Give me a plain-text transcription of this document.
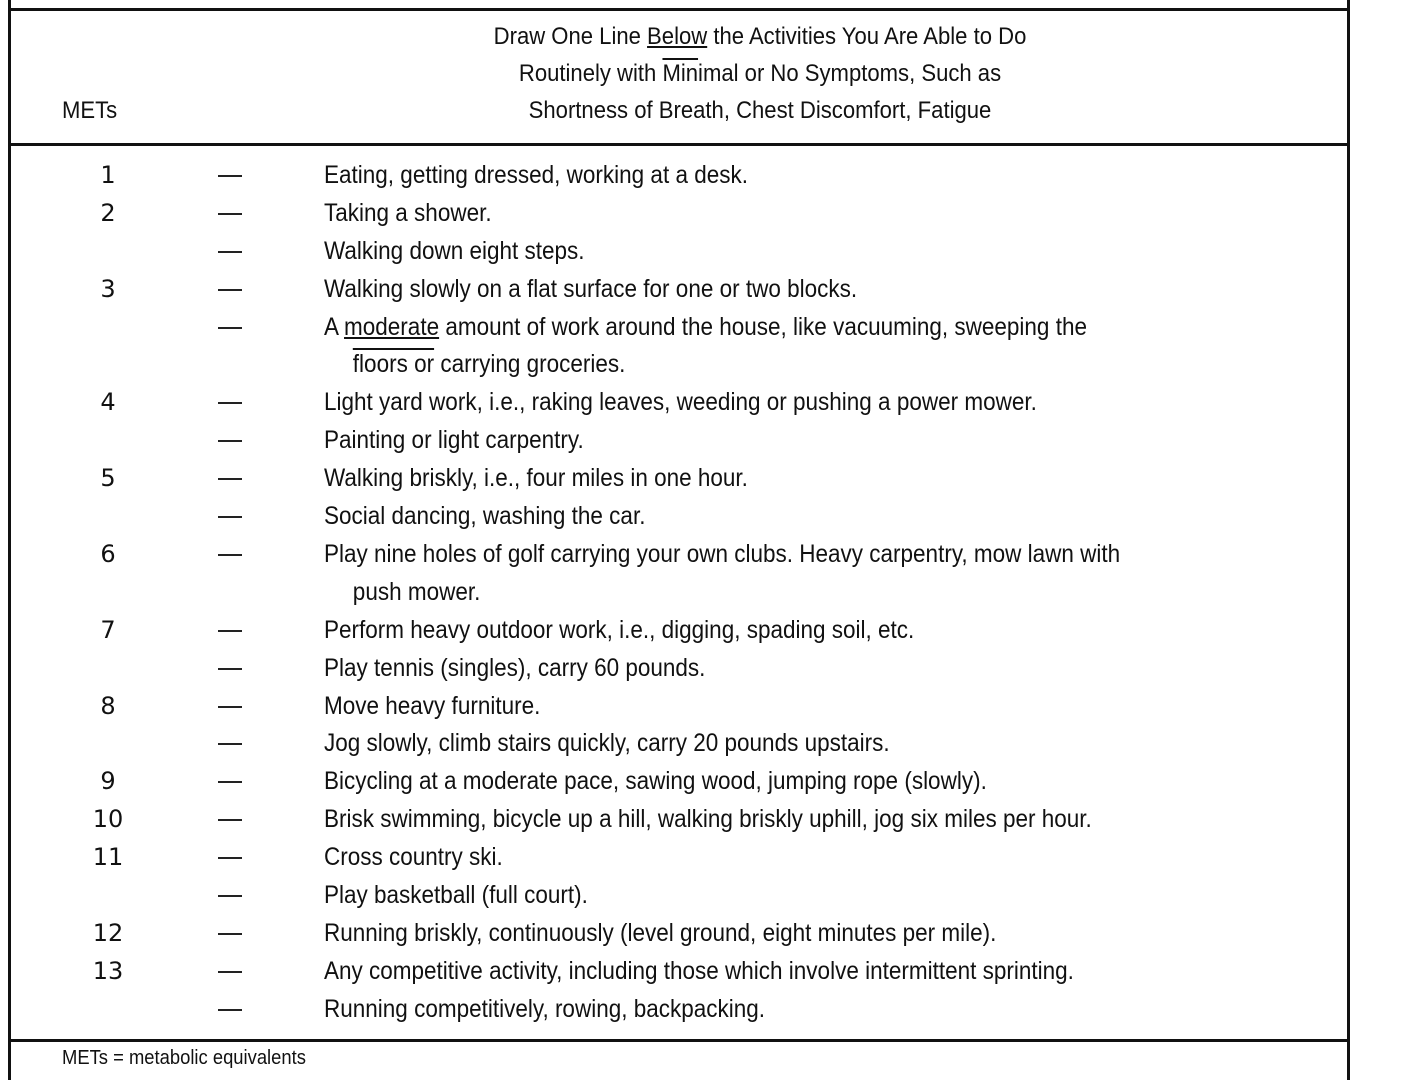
METs
Draw One Line Below the Activities You Are Able to Do
Routinely with $\overline{Min}imal$ or No Symptoms, Such as
Shortness of Breath, Chest Discomfort, Fatigue
1	Eating, getting dressed, working at a desk.
2	Taking a shower.
Walking down eight steps.
3	Walking slowly on a flat surface for one or two blocks.
A moderate amount of work around the house, like vacuuming, sweeping the
floors or carrying groceries.
4	Light yard work, i.e., raking leaves, weeding or pushing a power mower.
Painting or light carpentry.
5	Walking briskly, i.e., four miles in one hour.
Social dancing, washing the car.
6	Play nine holes of golf carrying your own clubs. Heavy carpentry, mow lawn with
push mower.
7	Perform heavy outdoor work, i.e., digging, spading soil, etc.
Play tennis (singles), carry 60 pounds.
8	Move heavy furniture.
Jog slowly, climb stairs quickly, carry 20 pounds upstairs.
9	Bicycling at a moderate pace, sawing wood, jumping rope (slowly).
10	Brisk swimming, bicycle up a hill, walking briskly uphill, jog six miles per hour.
11	Cross country ski.
Play basketball (full court).
12	Running briskly, continuously (level ground, eight minutes per mile).
13	Any competitive activity, including those which involve intermittent sprinting.
Running competitively, rowing, backpacking.
METs = metabolic equivalents
